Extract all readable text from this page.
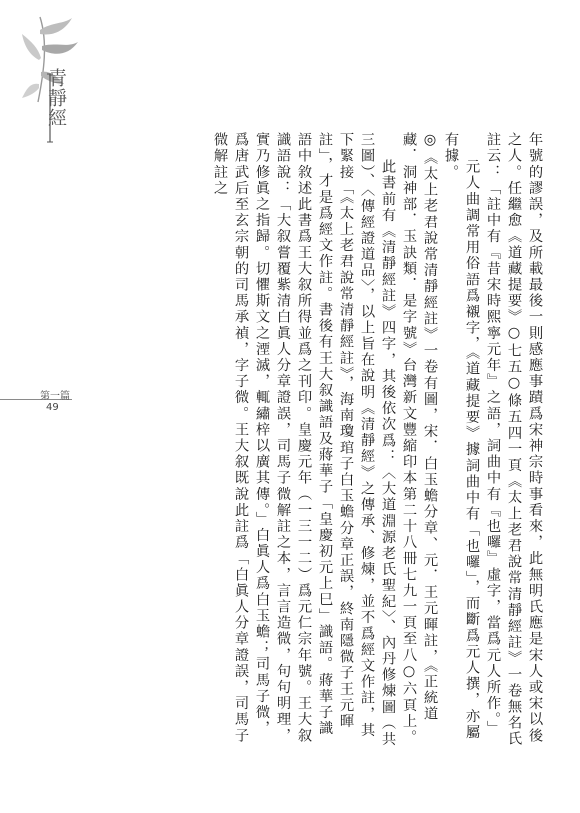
青靜經
第一篇
49	年號的謬誤，及所載最後一則感應事蹟爲宋神宗時事看來，此無明氏應是宋人或宋以後之人。任繼愈《道藏提要》○七五○條五四一頁《太上老君說常清靜經註》一卷無名氏註云：「註中有『昔宋時熙寧元年』之語，詞曲中有『也囉』虛字，當爲元人所作。」

元人曲調常用俗語爲襯字，《道藏提要》據詞曲中有「也囉」，而斷爲元人撰，亦屬有據。

◎《太上老君說常清靜經註》一卷有圖，宋．白玉蟾分章、元．王元暉註，《正統道藏．洞神部．玉訣類．是字號》台灣新文豐縮印本第二十八冊七九一頁至八○六頁上。

此書前有《清靜經註》四字，其後依次爲：〈大道淵源老氏聖紀〉、內丹修煉圖（共三圖）、〈傳經證道品〉，以上旨在說明《清靜經》之傳承、修煉，並不爲經文作註，其下緊接「《太上老君說常清靜經註》，海南瓊琯子白玉蟾分章正誤，終南隱微子王元暉註」，才是爲經文作註。書後有王大叙識語及蔣華子「皇慶初元上巳」識語。蔣華子識語中敘述此書爲王大叙所得並爲之刊印。皇慶元年（一三一二）爲元仁宗年號。王大叙識語說：「大叙嘗覆紫清白眞人分章證誤，司馬子微解註之本，言言造微，句句明理，實乃修眞之指歸。切懼斯文之湮滅，輒繡梓以廣其傳。」白眞人爲白玉蟾；司馬子微，爲唐武后至玄宗朝的司馬承禎，字子微。王大叙既說此註爲「白眞人分章證誤，司馬子微解註之
